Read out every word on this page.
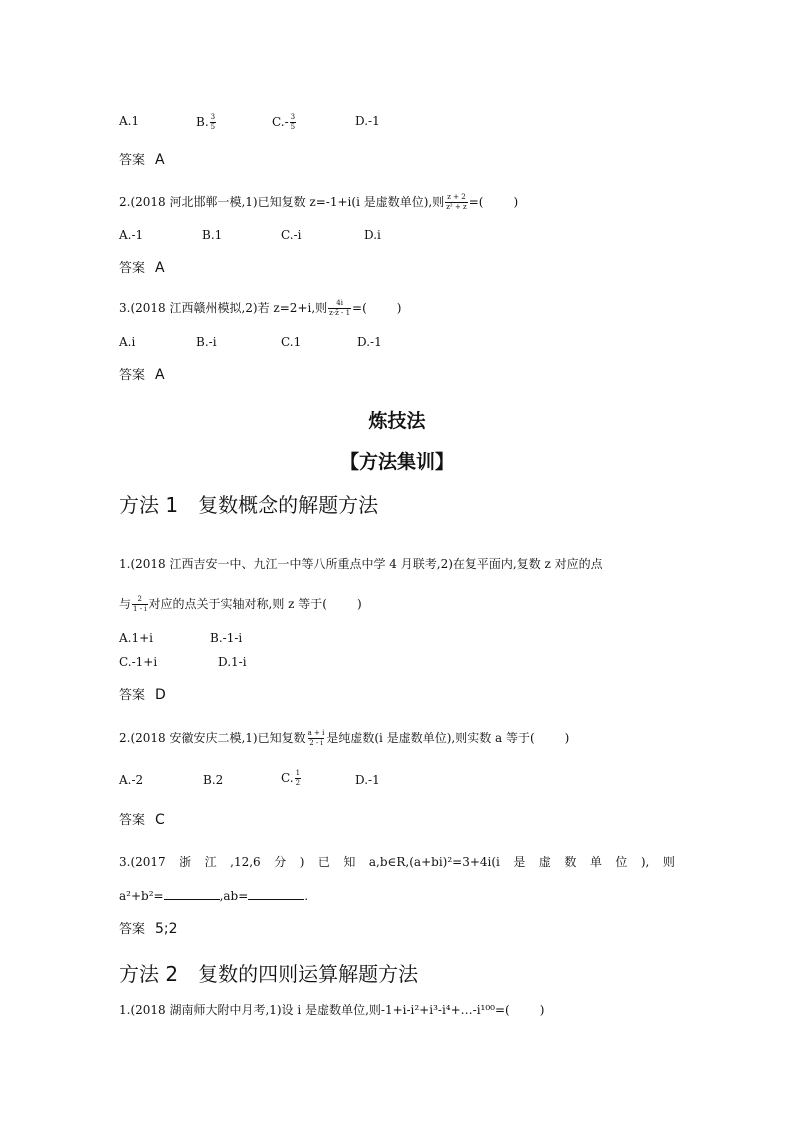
A.1	B. $\frac{3}{5}$	$C.- \frac{3}{5}$	D.-1
答案 A
2.(2018 河北邯郸一模,1)已知复数 z=-1+i(i 是虚数单位),则 $\frac{z + 2}{\text{z² + z}}$ =(	)
A.-1	B.1	C.-i	D.i
答案 A
3.(2018 江西赣州模拟,2)若 z=2+i,则 $\frac{4i}{z\cdot z̄ - 1}$ =(	)
A.i	B.-i	C.1	D.-1
答案 A
炼技法
【方法集训】
方法 1 复数概念的解题方法
1.(2018 江西吉安一中、九江一中等八所重点中学 4 月联考,2)在复平面内,复数 z 对应的点
与 $\frac{2}{1 - i}$ 对应的点关于实轴对称,则 z 等于(	)
A.1+i	B.-1-i
C.-1+i	D.1-i
答案 D
2.(2018 安徽安庆二模,1)已知复数 $\frac{a + i}{2 - i}$ 是纯虚数(i 是虚数单位),则实数 a 等于(	)
A.-2	B.2	C. $\frac{1}{2}$	D.-1
答案 C
3.(2017 浙 江 ,12,6 分 ) 已 知 a,b∈R,(a+bi)²=3+4i(i 是 虚 数 单 位 ), 则
a²+b²=	,ab=	.
答案 5;2
方法 2 复数的四则运算解题方法
1.(2018 湖南师大附中月考,1)设 i 是虚数单位,则-1+i-i²+i³-i⁴+…-i¹⁰⁰=(	)
